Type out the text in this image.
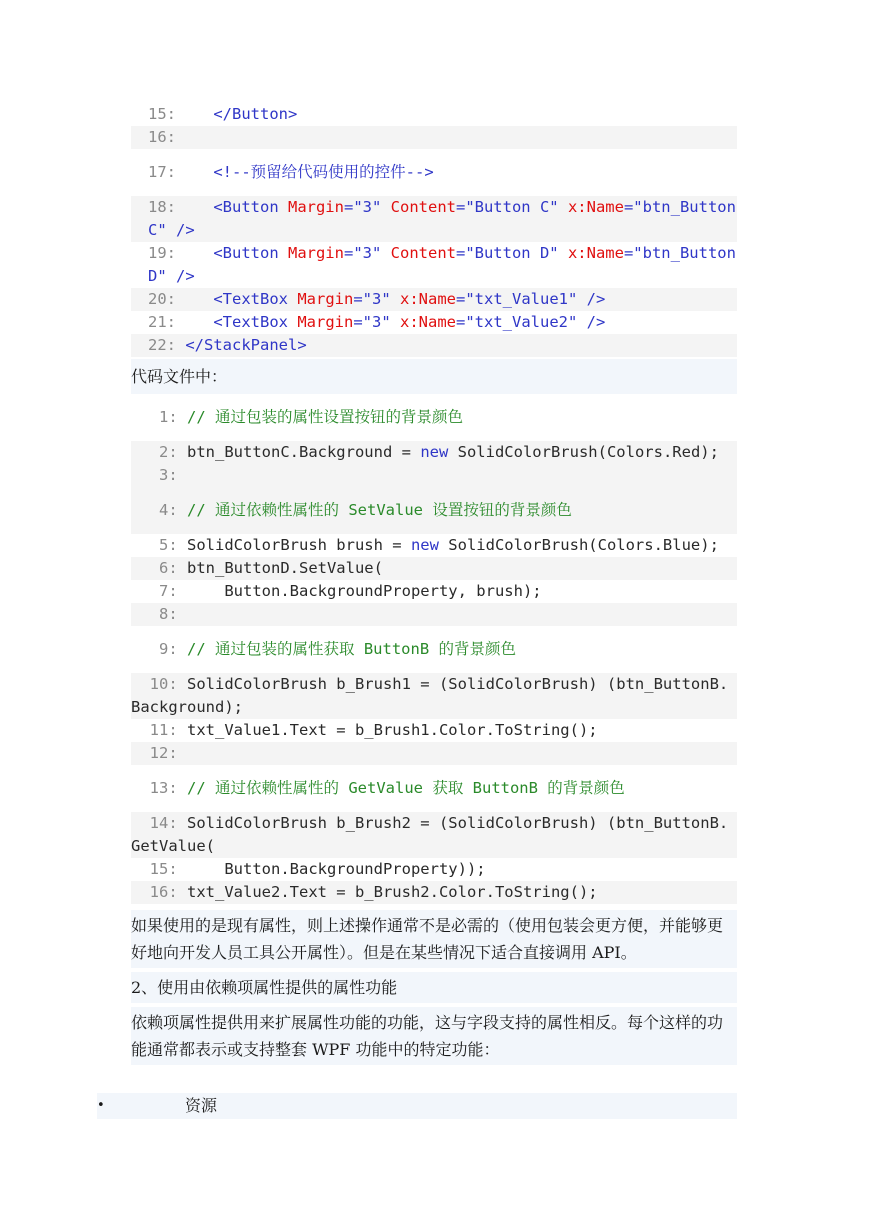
15:    </Button>
16:
17:    <!--预留给代码使用的控件-->
18:    <Button Margin="3" Content="Button C" x:Name="btn_ButtonC" />
19:    <Button Margin="3" Content="Button D" x:Name="btn_ButtonD" />
20:    <TextBox Margin="3" x:Name="txt_Value1" />
21:    <TextBox Margin="3" x:Name="txt_Value2" />
22: </StackPanel>
代码文件中：
1: // 通过包装的属性设置按钮的背景颜色
2: btn_ButtonC.Background = new SolidColorBrush(Colors.Red);
3:
4: // 通过依赖性属性的 SetValue 设置按钮的背景颜色
5: SolidColorBrush brush = new SolidColorBrush(Colors.Blue);
6: btn_ButtonD.SetValue(
7:     Button.BackgroundProperty, brush);
8:
9: // 通过包装的属性获取 ButtonB 的背景颜色
10: SolidColorBrush b_Brush1 = (SolidColorBrush) (btn_ButtonB.Background);
11: txt_Value1.Text = b_Brush1.Color.ToString();
12:
13: // 通过依赖性属性的 GetValue 获取 ButtonB 的背景颜色
14: SolidColorBrush b_Brush2 = (SolidColorBrush) (btn_ButtonB.GetValue(
15:     Button.BackgroundProperty));
16: txt_Value2.Text = b_Brush2.Color.ToString();
如果使用的是现有属性，则上述操作通常不是必需的（使用包装会更方便，并能够更好地向开发人员工具公开属性）。但是在某些情况下适合直接调用 API。
2、使用由依赖项属性提供的属性功能
依赖项属性提供用来扩展属性功能的功能，这与字段支持的属性相反。每个这样的功能通常都表示或支持整套 WPF 功能中的特定功能：
•	资源
